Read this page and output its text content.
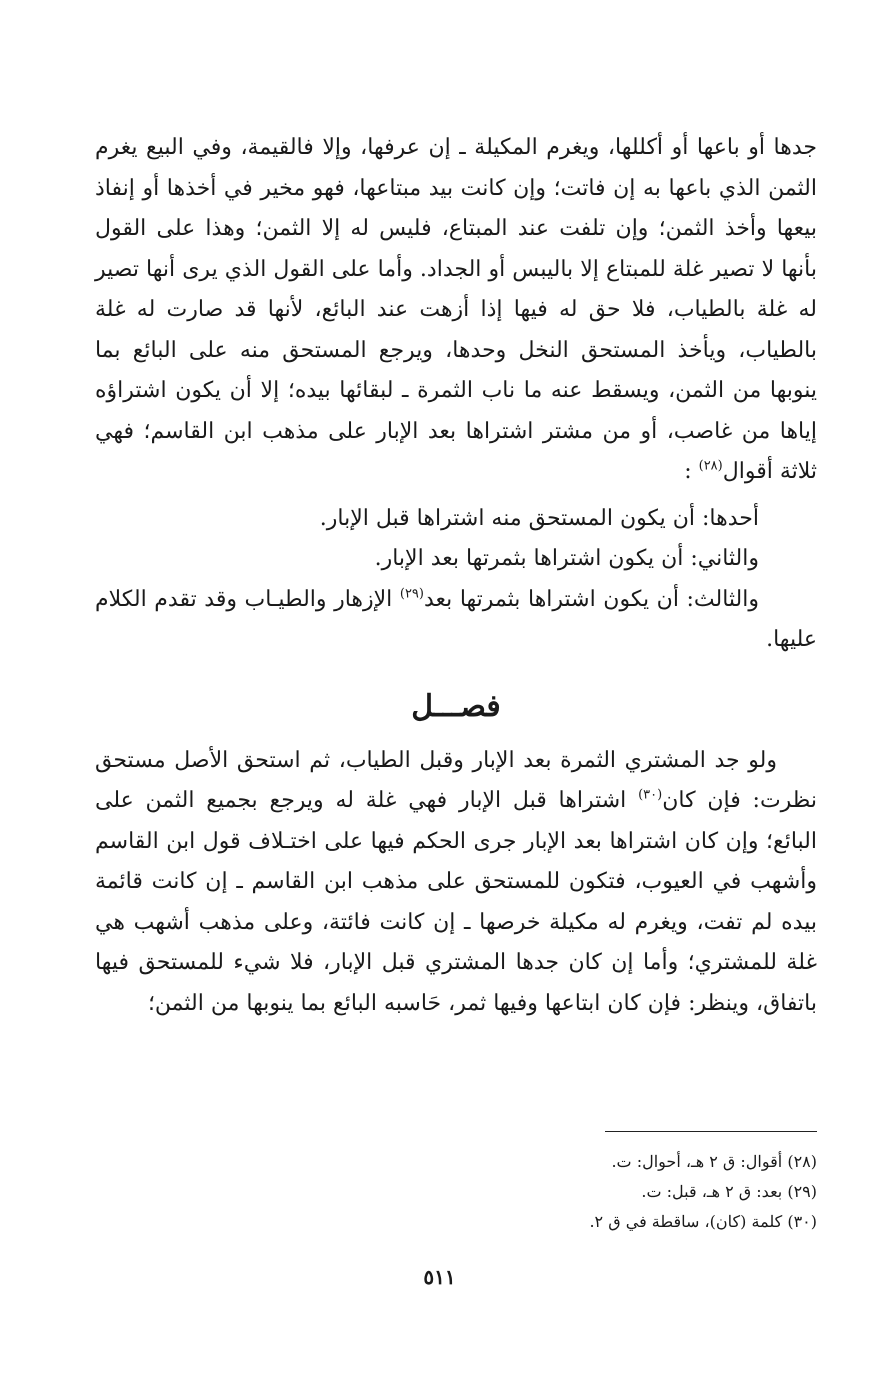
جدها أو باعها أو أكللها، ويغرم المكيلة ـ إن عرفها، وإلا فالقيمة، وفي البيع يغرم الثمن الذي باعها به إن فاتت؛ وإن كانت بيد مبتاعها، فهو مخير في أخذها أو إنفاذ بيعها وأخذ الثمن؛ وإن تلفت عند المبتاع، فليس له إلا الثمن؛ وهذا على القول بأنها لا تصير غلة للمبتاع إلا باليبس أو الجداد. وأما على القول الذي يرى أنها تصير له غلة بالطياب، فلا حق له فيها إذا أزهت عند البائع، لأنها قد صارت له غلة بالطياب، ويأخذ المستحق النخل وحدها، ويرجع المستحق منه على البائع بما ينوبها من الثمن، ويسقط عنه ما ناب الثمرة ـ لبقائها بيده؛ إلا أن يكون اشتراؤه إياها من غاصب، أو من مشتر اشتراها بعد الإبار على مذهب ابن القاسم؛ فهي ثلاثة أقوال$^{(٢٨)}$ :

أحدها: أن يكون المستحق منه اشتراها قبل الإبار.
والثاني: أن يكون اشتراها بثمرتها بعد الإبار.
والثالث: أن يكون اشتراها بثمرتها بعد$^{(٢٩)}$ الإزهار والطيـاب وقد تقدم الكلام عليها.
فصـــل

ولو جد المشتري الثمرة بعد الإبار وقبل الطياب، ثم استحق الأصل مستحق نظرت: فإن كان$^{(٣٠)}$ اشتراها قبل الإبار فهي غلة له ويرجع بجميع الثمن على البائع؛ وإن كان اشتراها بعد الإبار جرى الحكم فيها على اختـلاف قول ابن القاسم وأشهب في العيوب، فتكون للمستحق على مذهب ابن القاسم ـ إن كانت قائمة بيده لم تفت، ويغرم له مكيلة خرصها ـ إن كانت فائتة، وعلى مذهب أشهب هي غلة للمشتري؛ وأما إن كان جدها المشتري قبل الإبار، فلا شيء للمستحق فيها باتفاق، وينظر: فإن كان ابتاعها وفيها ثمر، حَاسبه البائع بما ينوبها من الثمن؛

(٢٨) أقوال: ق ٢ هـ، أحوال: ت.

(٢٩) بعد: ق ٢ هـ، قبل: ت.

(٣٠) كلمة (كان)، ساقطة في ق ٢.

٥١١
